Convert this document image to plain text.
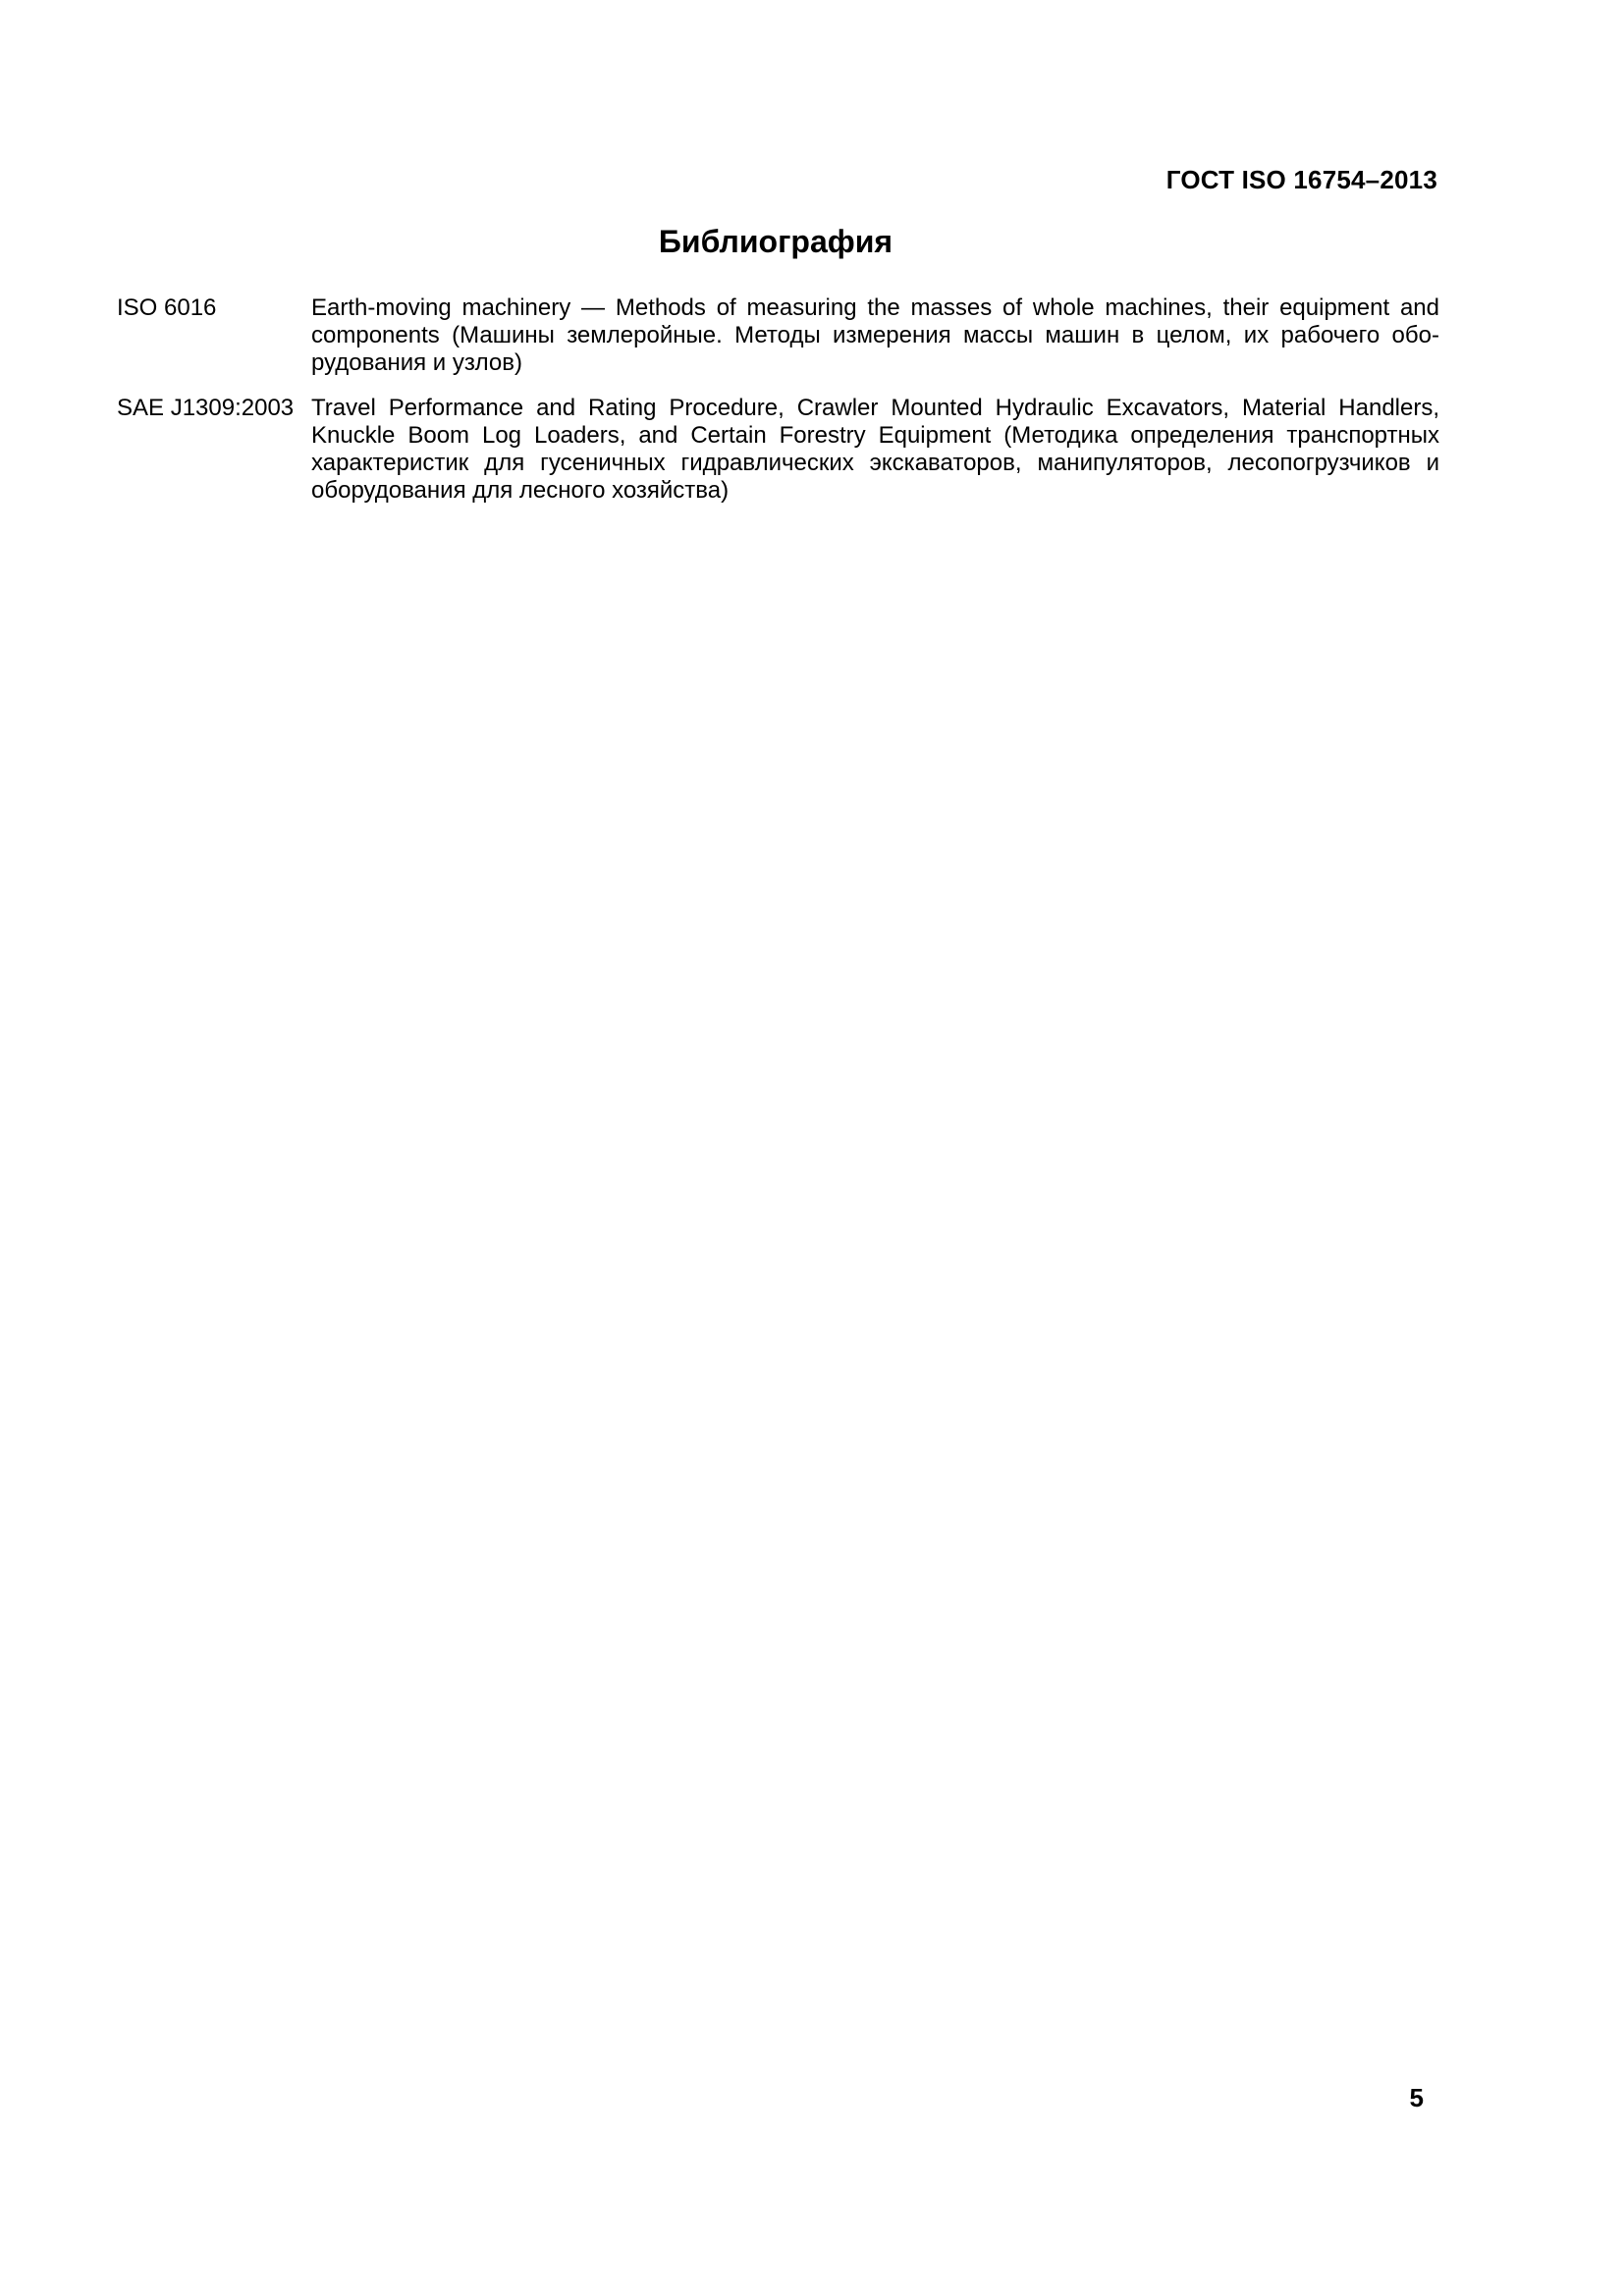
ГОСТ ISO 16754–2013
Библиография
ISO 6016	Earth-moving machinery — Methods of measuring the masses of whole machines, their equipment and components (Машины землеройные. Методы измерения массы машин в целом, их рабочего оборудования и узлов)
SAE J1309:2003 Travel Performance and Rating Procedure, Crawler Mounted Hydraulic Excavators, Material Handlers, Knuckle Boom Log Loaders, and Certain Forestry Equipment (Методика определения транспортных характеристик для гусеничных гидравлических экскаваторов, манипуляторов, лесопогрузчиков и оборудования для лесного хозяйства)
5
